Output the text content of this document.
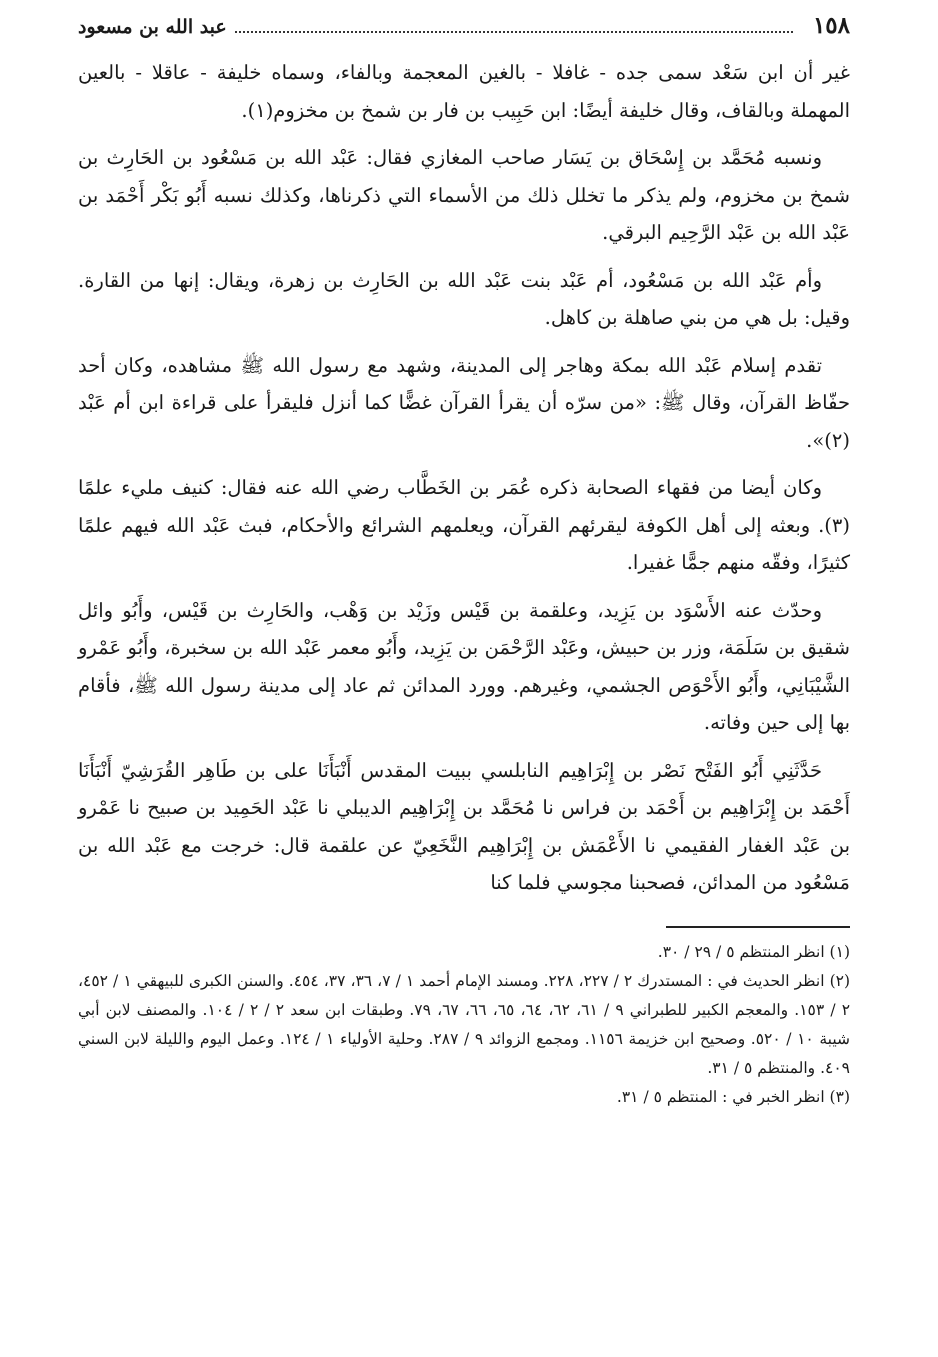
١٥٨
عبد الله بن مسعود

غير أن ابن سَعْد سمى جده - غافلا - بالغين المعجمة وبالفاء، وسماه خليفة - عاقلا - بالعين المهملة وبالقاف، وقال خليفة أيضًا: ابن حَبِيب بن فار بن شمخ بن مخزوم(١).

ونسبه مُحَمَّد بن إِسْحَاق بن يَسَار صاحب المغازي فقال: عَبْد الله بن مَسْعُود بن الحَارِث بن شمخ بن مخزوم، ولم يذكر ما تخلل ذلك من الأسماء التي ذكرناها، وكذلك نسبه أَبُو بَكْر أَحْمَد بن عَبْد الله بن عَبْد الرَّحِيم البرقي.

وأم عَبْد الله بن مَسْعُود، أم عَبْد بنت عَبْد الله بن الحَارِث بن زهرة، ويقال: إنها من القارة. وقيل: بل هي من بني صاهلة بن كاهل.

تقدم إسلام عَبْد الله بمكة وهاجر إلى المدينة، وشهد مع رسول الله ﷺ مشاهده، وكان أحد حفّاظ القرآن، وقال ﷺ: «من سرّه أن يقرأ القرآن غضًّا كما أنزل فليقرأ على قراءة ابن أم عَبْد (٢)».

وكان أيضا من فقهاء الصحابة ذكره عُمَر بن الخَطَّاب رضي الله عنه فقال: كنيف مليء علمًا (٣). وبعثه إلى أهل الكوفة ليقرئهم القرآن، ويعلمهم الشرائع والأحكام، فبث عَبْد الله فيهم علمًا كثيرًا، وفقّه منهم جمًّا غفيرا.

وحدّث عنه الأَسْوَد بن يَزِيد، وعلقمة بن قَيْس وزَيْد بن وَهْب، والحَارِث بن قَيْس، وأَبُو وائل شقيق بن سَلَمَة، وزر بن حبيش، وعَبْد الرَّحْمَن بن يَزِيد، وأَبُو معمر عَبْد الله بن سخبرة، وأَبُو عَمْرو الشَّيْبَانِي، وأَبُو الأَحْوَص الجشمي، وغيرهم. وورد المدائن ثم عاد إلى مدينة رسول الله ﷺ، فأقام بها إلى حين وفاته.

حَدَّثَنِي أَبُو الفَتْح نَصْر بن إِبْرَاهِيم النابلسي ببيت المقدس أَنْبَأَنَا على بن طَاهِر القُرَشِيّ أَنْبَأَنَا أَحْمَد بن إِبْرَاهِيم بن أَحْمَد بن فراس نا مُحَمَّد بن إِبْرَاهِيم الديبلي نا عَبْد الحَمِيد بن صبيح نا عَمْرو بن عَبْد الغفار الفقيمي نا الأَعْمَش بن إِبْرَاهِيم النَّخَعِيّ عن علقمة قال: خرجت مع عَبْد الله بن مَسْعُود من المدائن، فصحبنا مجوسي فلما كنا

(١) انظر المنتظم ٥ / ٢٩ / ٣٠.

(٢) انظر الحديث في : المستدرك ٢ / ٢٢٧، ٢٢٨. ومسند الإمام أحمد ١ / ٧، ٣٦، ٣٧، ٤٥٤. والسنن الكبرى للبيهقي ١ / ٤٥٢، ٢ / ١٥٣. والمعجم الكبير للطبراني ٩ / ٦١، ٦٢، ٦٤، ٦٥، ٦٦، ٦٧، ٧٩. وطبقات ابن سعد ٢ / ٢ / ١٠٤. والمصنف لابن أبي شيبة ١٠ / ٥٢٠. وصحيح ابن خزيمة ١١٥٦. ومجمع الزوائد ٩ / ٢٨٧. وحلية الأولياء ١ / ١٢٤. وعمل اليوم والليلة لابن السني ٤٠٩. والمنتظم ٥ / ٣١.

(٣) انظر الخبر في : المنتظم ٥ / ٣١.
